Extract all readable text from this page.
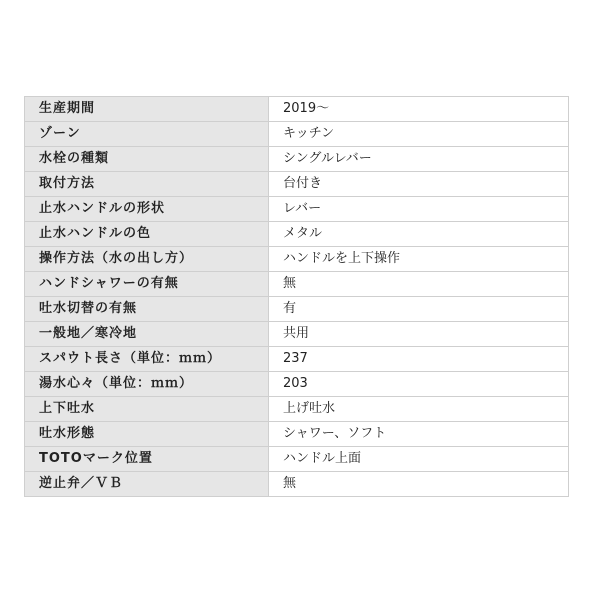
生産期間	2019～
ゾーン	キッチン
水栓の種類	シングルレバー
取付方法	台付き
止水ハンドルの形状	レバー
止水ハンドルの色	メタル
操作方法（水の出し方）	ハンドルを上下操作
ハンドシャワーの有無	無
吐水切替の有無	有
一般地／寒冷地	共用
スパウト長さ（単位：ｍｍ）	237
湯水心々（単位：ｍｍ）	203
上下吐水	上げ吐水
吐水形態	シャワー、ソフト
TOTOマーク位置	ハンドル上面
逆止弁／ＶＢ	無
